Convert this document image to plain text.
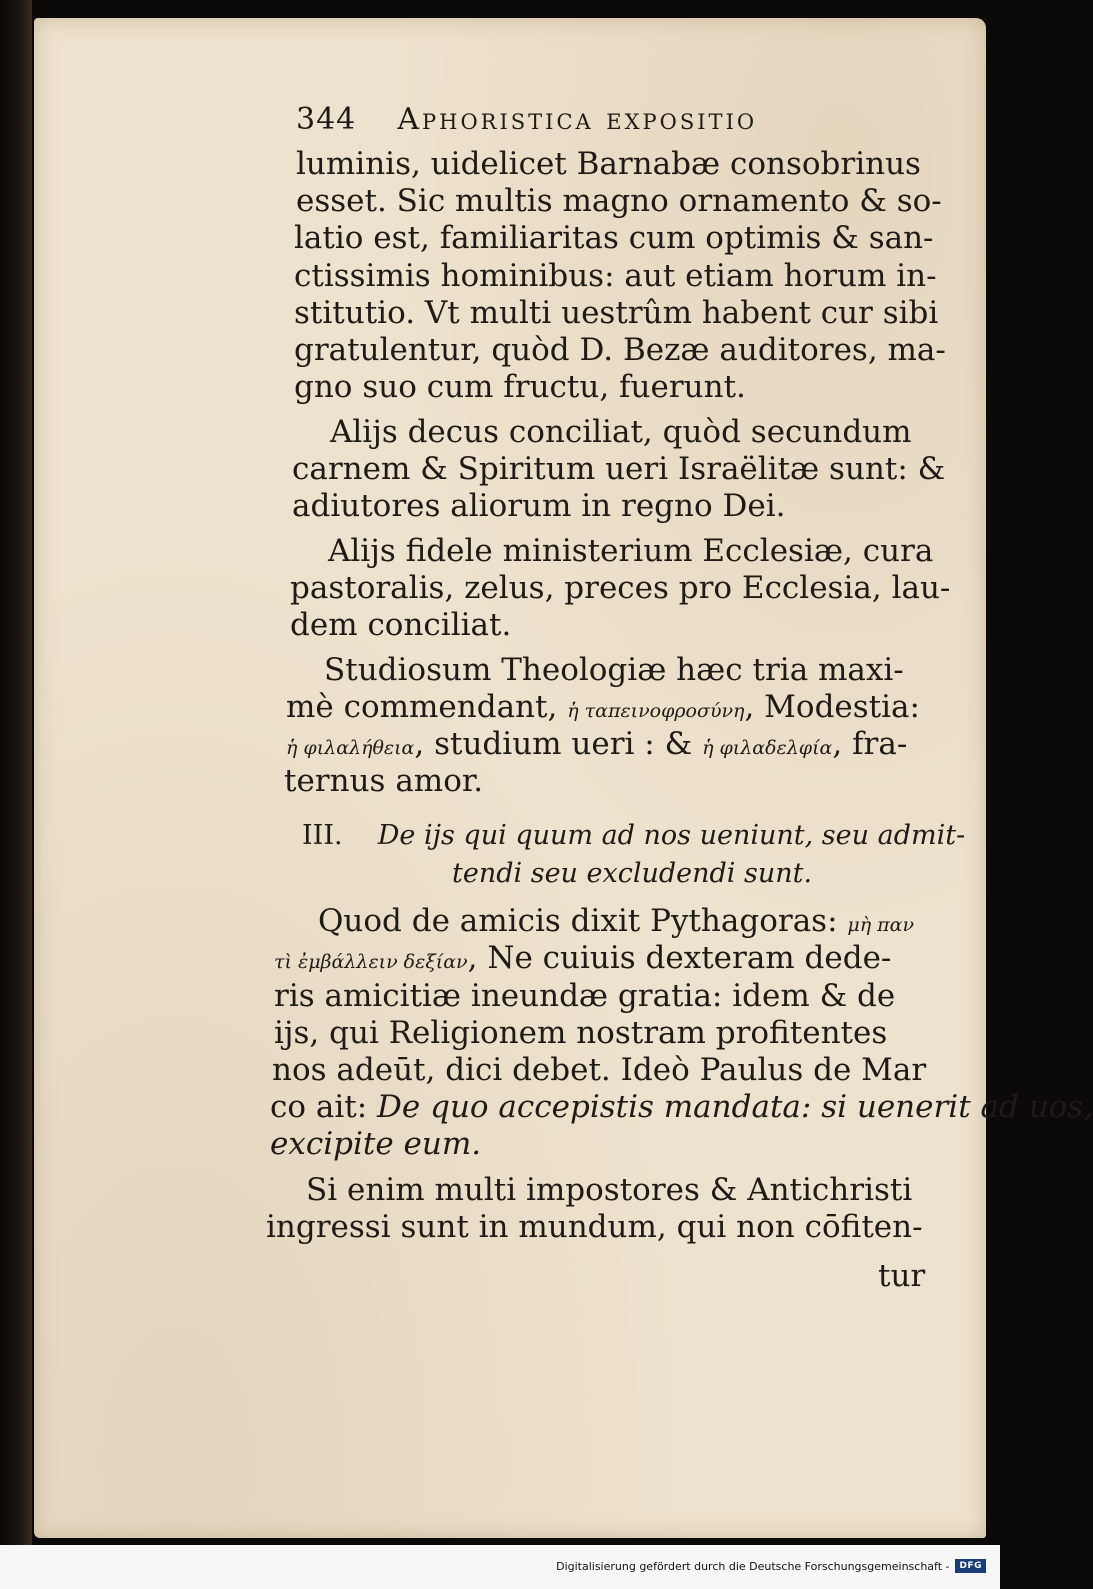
344 Aphoristica expositio
luminis, uidelicet Barnabæ consobrinus
esset. Sic multis magno ornamento & so-
latio est, familiaritas cum optimis & san-
ctissimis hominibus: aut etiam horum in-
stitutio. Vt multi uestrûm habent cur sibi
gratulentur, quòd D. Bezæ auditores, ma-
gno suo cum fructu, fuerunt.
Alijs decus conciliat, quòd secundum
carnem & Spiritum ueri Israëlitæ sunt: &
adiutores aliorum in regno Dei.
Alijs fidele ministerium Ecclesiæ, cura
pastoralis, zelus, preces pro Ecclesia, lau-
dem conciliat.
Studiosum Theologiæ hæc tria maxi-
mè commendant, ἡ ταπεινοφροσύνη, Modestia:
ἡ φιλαλήθεια, studium ueri : & ἡ φιλαδελφία, fra-
ternus amor.
III. De ijs qui quum ad nos ueniunt, seu admit-
tendi seu excludendi sunt.
Quod de amicis dixit Pythagoras: μὴ παν
τὶ ἐμβάλλειν δεξίαν, Ne cuiuis dexteram dede-
ris amicitiæ ineundæ gratia: idem & de
ijs, qui Religionem nostram profitentes
nos adeūt, dici debet. Ideò Paulus de Mar
co ait: De quo accepistis mandata: si uenerit ad uos,
excipite eum.
Si enim multi impostores & Antichristi
ingressi sunt in mundum, qui non cōfiten-
tur
Digitalisierung gefördert durch die Deutsche Forschungsgemeinschaft -	DFG
